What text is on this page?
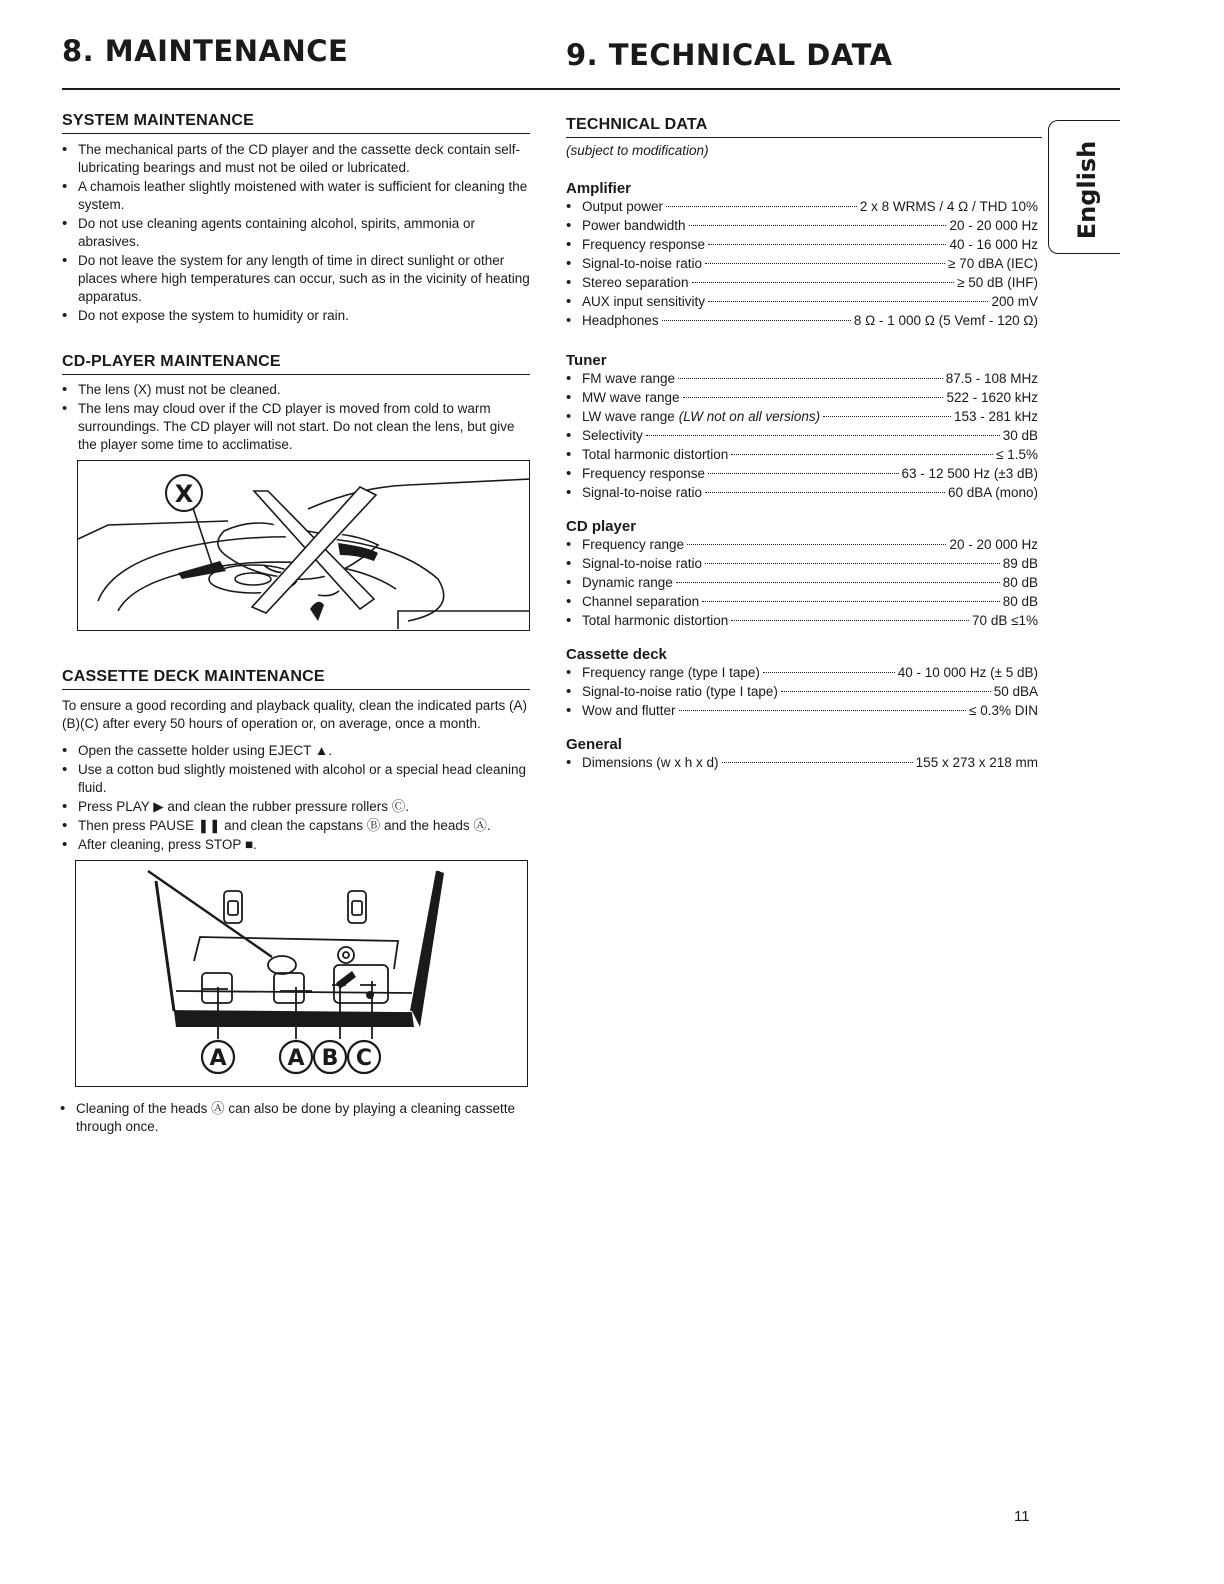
8. MAINTENANCE	9. TECHNICAL DATA
SYSTEM MAINTENANCE
• The mechanical parts of the CD player and the cassette deck contain self-lubricating bearings and must not be oiled or lubricated.
• A chamois leather slightly moistened with water is sufficient for cleaning the system.
• Do not use cleaning agents containing alcohol, spirits, ammonia or abrasives.
• Do not leave the system for any length of time in direct sunlight or other places where high temperatures can occur, such as in the vicinity of heating apparatus.
• Do not expose the system to humidity or rain.
CD-PLAYER MAINTENANCE
• The lens (X) must not be cleaned.
• The lens may cloud over if the CD player is moved from cold to warm surroundings. The CD player will not start. Do not clean the lens, but give the player some time to acclimatise.
X
CASSETTE DECK MAINTENANCE
To ensure a good recording and playback quality, clean the indicated parts (A)(B)(C) after every 50 hours of operation or, on average, once a month.
• Open the cassette holder using EJECT ▲.
• Use a cotton bud slightly moistened with alcohol or a special head cleaning fluid.
• Press PLAY ▶ and clean the rubber pressure rollers Ⓒ.
• Then press PAUSE ❚❚ and clean the capstans Ⓑ and the heads Ⓐ.
• After cleaning, press STOP ■.
A	A B C
• Cleaning of the heads Ⓐ can also be done by playing a cleaning cassette through once.
TECHNICAL DATA
(subject to modification)
Amplifier
• Output power	2 x 8 WRMS / 4 Ω / THD 10%
• Power bandwidth	20 - 20 000 Hz
• Frequency response	40 - 16 000 Hz
• Signal-to-noise ratio	≥ 70 dBA (IEC)
• Stereo separation	≥ 50 dB (IHF)
• AUX input sensitivity	200 mV
• Headphones	8 Ω - 1 000 Ω (5 Vemf - 120 Ω)
Tuner
• FM wave range	87.5 - 108 MHz
• MW wave range	522 - 1620 kHz
• LW wave range (LW not on all versions)	153 - 281 kHz
• Selectivity	30 dB
• Total harmonic distortion	≤ 1.5%
• Frequency response	63 - 12 500 Hz (±3 dB)
• Signal-to-noise ratio	60 dBA (mono)
CD player
• Frequency range	20 - 20 000 Hz
• Signal-to-noise ratio	89 dB
• Dynamic range	80 dB
• Channel separation	80 dB
• Total harmonic distortion	70 dB ≤1%
Cassette deck
• Frequency range (type I tape)	40 - 10 000 Hz (± 5 dB)
• Signal-to-noise ratio (type I tape)	50 dBA
• Wow and flutter	≤ 0.3% DIN
General
• Dimensions (w x h x d)	155 x 273 x 218 mm
English
11
